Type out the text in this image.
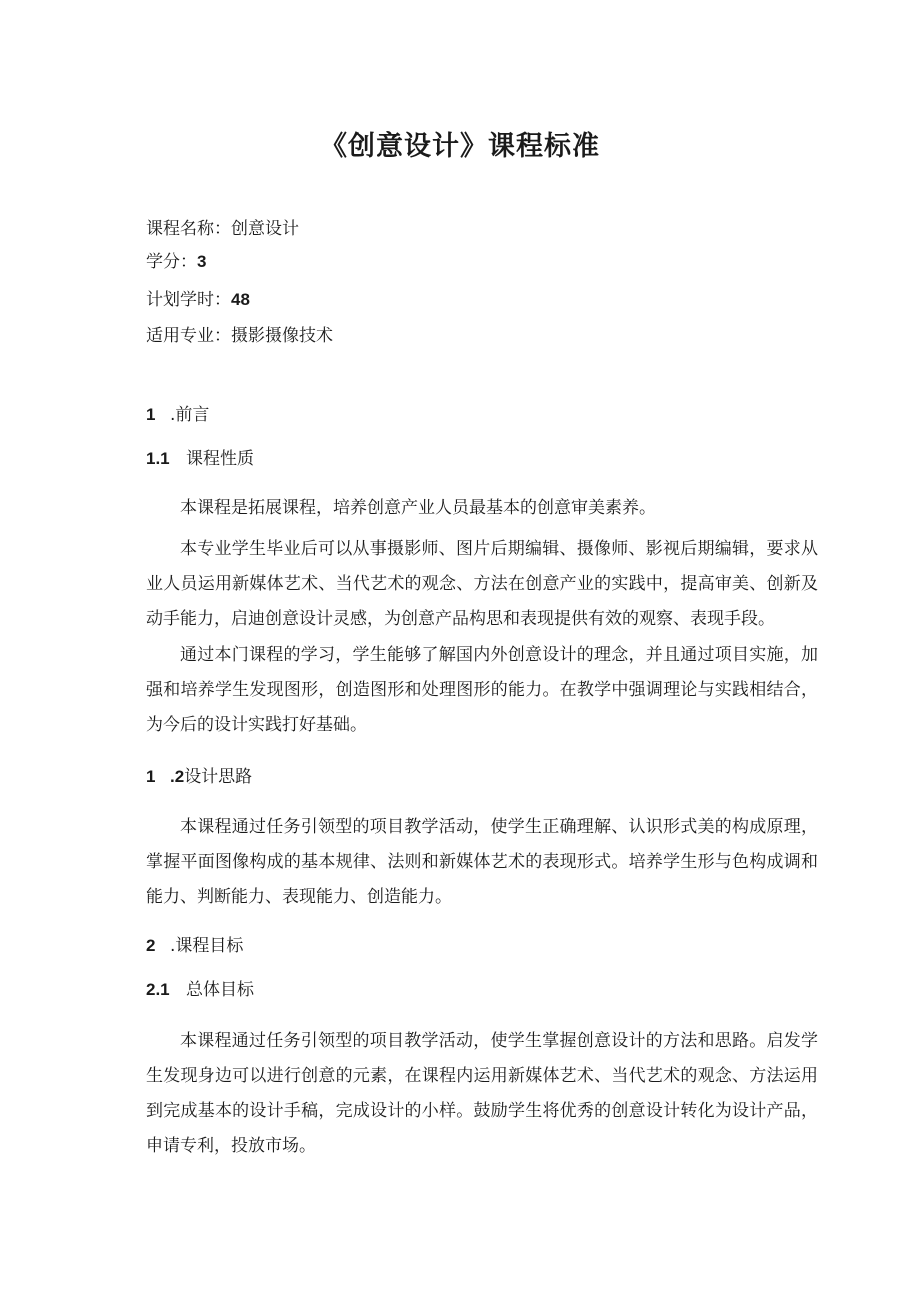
《创意设计》课程标准
课程名称：创意设计
学分：3
计划学时：48
适用专业：摄影摄像技术
1 .前言
1.1 课程性质
本课程是拓展课程，培养创意产业人员最基本的创意审美素养。
本专业学生毕业后可以从事摄影师、图片后期编辑、摄像师、影视后期编辑，要求从业人员运用新媒体艺术、当代艺术的观念、方法在创意产业的实践中，提高审美、创新及动手能力，启迪创意设计灵感，为创意产品构思和表现提供有效的观察、表现手段。
通过本门课程的学习，学生能够了解国内外创意设计的理念，并且通过项目实施，加强和培养学生发现图形，创造图形和处理图形的能力。在教学中强调理论与实践相结合，为今后的设计实践打好基础。
1 .2设计思路
本课程通过任务引领型的项目教学活动，使学生正确理解、认识形式美的构成原理，掌握平面图像构成的基本规律、法则和新媒体艺术的表现形式。培养学生形与色构成调和能力、判断能力、表现能力、创造能力。
2 .课程目标
2.1 总体目标
本课程通过任务引领型的项目教学活动，使学生掌握创意设计的方法和思路。启发学生发现身边可以进行创意的元素，在课程内运用新媒体艺术、当代艺术的观念、方法运用到完成基本的设计手稿，完成设计的小样。鼓励学生将优秀的创意设计转化为设计产品，申请专利，投放市场。
